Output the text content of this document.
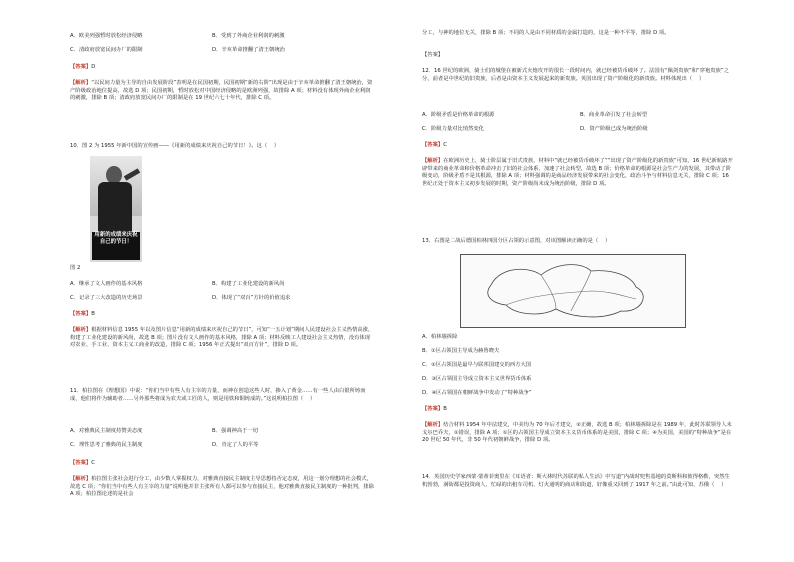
A．欧美列强暂时放松经济侵略	B．受到了外商企业利润的刺激
C．清政府放宽民间办厂的限制	D．辛亥革命推翻了清王朝统治
【答案】D
【解析】“以民间力量为主导的自由发展阶段”表明是在民国初期，民国初期“新的右阶”出现是由于辛亥革命推翻了清王朝统治，资产阶级政治地位提高，故选 D 项；民国初期，暂时放松对中国经济侵略的是欧洲列强，故排除 A 项；材料没有体现外商企业利润的刺激，排除 B 项；清政府放宽民间办厂的限制是在 19 世纪六七十年代，排除 C 项。
10．图 2 为 1955 年新中国的宣传画——《用新的成绩来庆祝自己的节日！》。这（    ）
用新的成绩来庆祝自己的节日！
图 2
A．继承了文人画作的基本风格	B．构建了工业化建设的新风尚
C．记录了三大改造的历史场景	D．体现了“双百”方针的价值追求
【答案】B
【解析】根据材料信息 1955 年以及图片信息“用新的成绩来庆祝自己的节日”，可知“一五计划”期间人民建设社会主义热情高涨，构建了工业化建设的新风尚，故选 B 项；图片没有文人画作的基本风格，排除 A 项；材料反映工人建设社会主义热情，没有体现对农业、手工业、资本主义工商业的改造，排除 C 项；1956 年正式提出“双百方针”，排除 D 项。
11．柏拉图在《理想国》中说：“你们当中有些人有主宰的力量，而神在创造这些人时，掺入了黄金……有一些人由白银所铸而成，他们将作为辅助者……另外那些将成为农夫或工匠的人，则是用铁和铜铸成的。”这说明柏拉图（    ）
A．对雅典民主制度持赞美态度	B．强调神高于一切
C．理性思考了雅典的民主制度	D．肯定了人的平等
【答案】C
【解析】柏拉图主张社会进行分工，由少数人掌握权力，对雅典直接民主制度主导思想持否定态度，用这一划分理想的社会模式，故选 C 项；“你们当中有些人有主宰的力量”说明他并非主张所有人都可以参与直接民主，他对雅典直接民主制度的一种批判，排除 A 项；柏拉图论述的是社会
分工，与神的地位无关，排除 B 项；不同的人是由不同材质的金属打造的，这是一种不平等，排除 D 项。
【答案】
12．16 世纪的欧洲，骑士们的城堡在被新式火炮攻开的很长一段时间内，就已经被货币破坏了。法国有“佩剑贵族”和“穿袍贵族”之分，前者是中世纪的旧贵族，后者是由资本主义发展起来的新贵族。英国出现了资产阶级化的新贵族。材料体现出（    ）
A．阶级矛盾是价格革命的根源	B．商业革命引发了社会转型
C．阶级力量对比悄然变化	D．资产阶级已成为统治阶级
【答案】C
【解析】在欧洲历史上，骑士阶层属于旧式贵族，材料中“就已经被货币破坏了”“出现了资产阶级化的新贵族”可知，16 世纪新航路开辟带来的商业革命和价格革命冲击了旧的社会体系，加速了社会转型，故选 B 项；价格革命的根源是社会生产力的发展，其带动了阶级变动，阶级矛盾不是其根源，排除 A 项；材料强调的是商品经济发展带来的社会变化，政治斗争与材料信息无关，排除 C 项；16 世纪正处于资本主义初步发展的时期，资产阶级尚未成为统治阶级，排除 D 项。
13．右图是二战后德国柏林四国分区占领的示意图，对该图解读正确的是（    ）
A．柏林墙拆除
B．①区占领国主导成为赫鲁晓夫
C．②区占领国是最早与联邦国建交的西方大国
D．③区占领国主导成立资本主义世界货币体系
D．④区占领国在朝鲜战争中发动了“特种战争”
【答案】B
【解析】结合材料 1954 年中法建交，中美均为 70 年后才建交，②正确，故选 B 项；柏林墙拆除是在 1989 年，此时苏联领导人未戈尔巴乔夫，①错误，排除 A 项；①区的占领国主导成立资本主义货币体系的是美国，排除 C 项；④为美国，美国的“特种战争”是在 20 世纪 50 年代，非 50 年代初朝鲜战争，排除 D 项。
14．英国历史学家西蒙·蒙蒂菲奥里在《耳语者：斯大林时代苏联的私人生活》中写道“内战时兜售基地的莫斯科和彼得格勒，突然生机勃勃，满街都是投资商人、忙碌的出租车司机、灯火通明的商店和街道，好像重又回到了 1917 年之前。”由此可知，苏俄（    ）
